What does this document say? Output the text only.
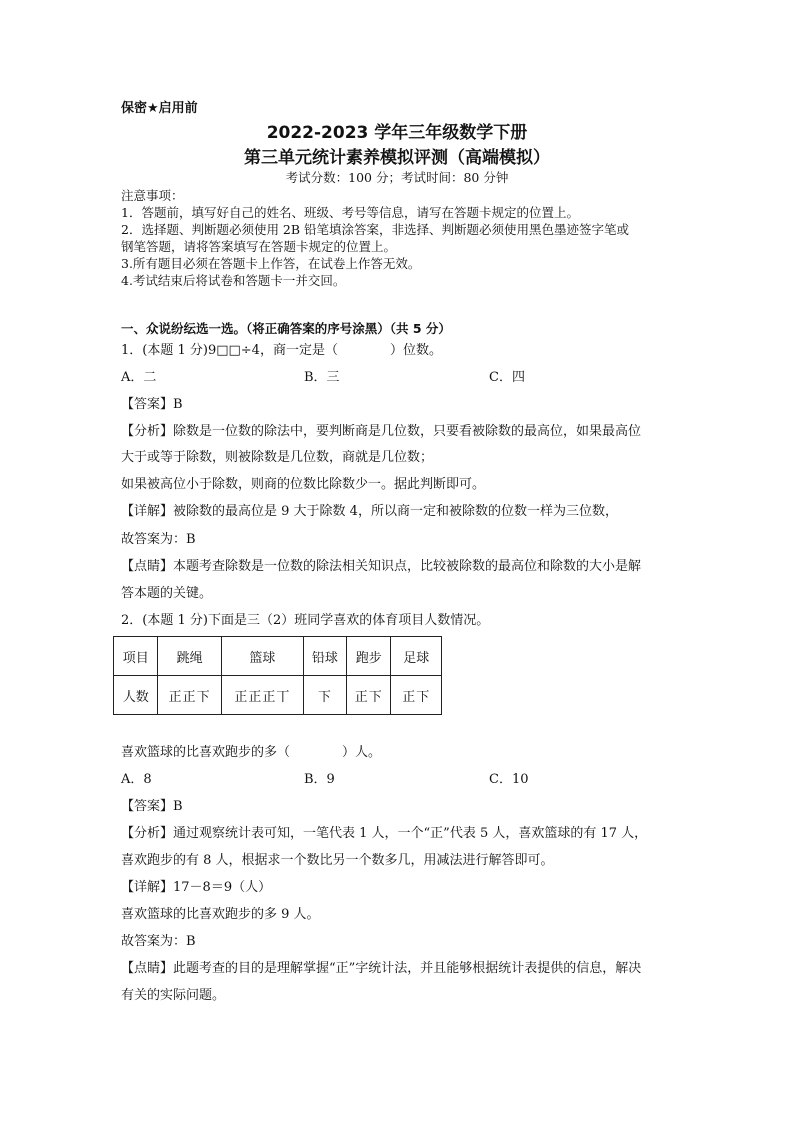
保密★启用前
2022-2023 学年三年级数学下册
第三单元统计素养模拟评测（高端模拟）
考试分数：100 分；考试时间：80 分钟
注意事项：
1．答题前，填写好自己的姓名、班级、考号等信息，请写在答题卡规定的位置上。
2．选择题、判断题必须使用 2B 铅笔填涂答案，非选择、判断题必须使用黑色墨迹签字笔或
钢笔答题，请将答案填写在答题卡规定的位置上。
3.所有题目必须在答题卡上作答，在试卷上作答无效。
4.考试结束后将试卷和答题卡一并交回。
一、众说纷纭选一选。（将正确答案的序号涂黑）（共 5 分）
1．(本题 1 分)9□□÷4，商一定是（　　　　）位数。
A．二	B．三	C．四
【答案】B
【分析】除数是一位数的除法中，要判断商是几位数，只要看被除数的最高位，如果最高位
大于或等于除数，则被除数是几位数，商就是几位数；
如果被高位小于除数，则商的位数比除数少一。据此判断即可。
【详解】被除数的最高位是 9 大于除数 4，所以商一定和被除数的位数一样为三位数，
故答案为：B
【点睛】本题考查除数是一位数的除法相关知识点，比较被除数的最高位和除数的大小是解
答本题的关键。
2．(本题 1 分)下面是三（2）班同学喜欢的体育项目人数情况。
项目	跳绳	篮球	铅球	跑步	足球
人数	正正下	正正正丅	下	正下	正下
喜欢篮球的比喜欢跑步的多（　　　　）人。
A．8	B．9	C．10
【答案】B
【分析】通过观察统计表可知，一笔代表 1 人，一个“正”代表 5 人，喜欢篮球的有 17 人，
喜欢跑步的有 8 人，根据求一个数比另一个数多几，用减法进行解答即可。
【详解】17－8＝9（人）
喜欢篮球的比喜欢跑步的多 9 人。
故答案为：B
【点睛】此题考查的目的是理解掌握“正”字统计法，并且能够根据统计表提供的信息，解决
有关的实际问题。
